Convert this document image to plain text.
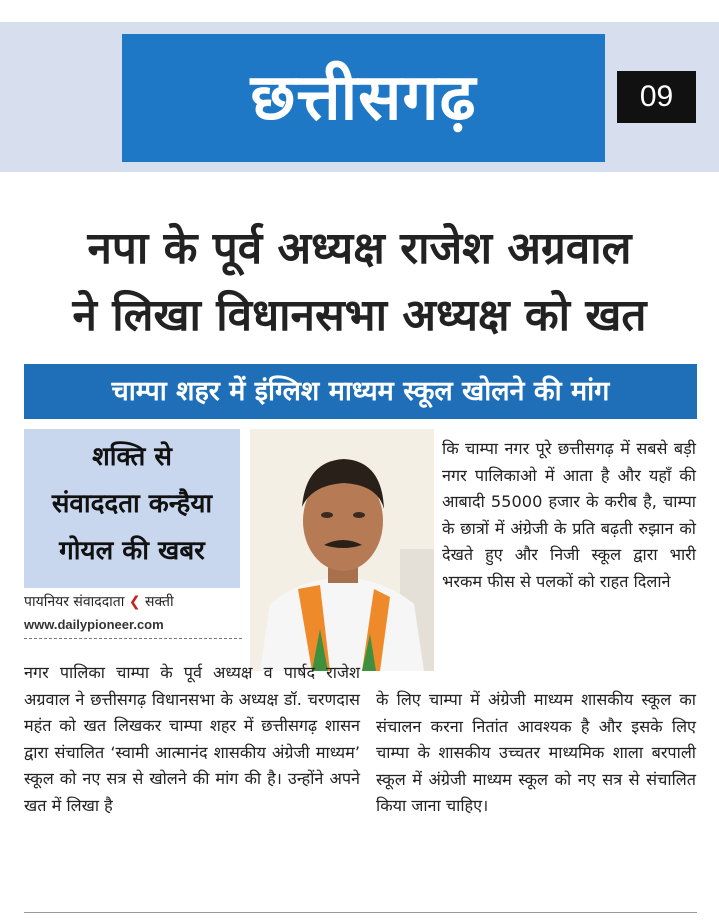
छत्तीसगढ़	09
नपा के पूर्व अध्यक्ष राजेश अग्रवाल
ने लिखा विधानसभा अध्यक्ष को खत
चाम्पा शहर में इंग्लिश माध्यम स्कूल खोलने की मांग
शक्ति से
संवाददता कन्हैया
गोयल की खबर
पायनियर संवाददाता ❮ सक्ती
www.dailypioneer.com

कि चाम्पा नगर पूरे छत्तीसगढ़ में सबसे बड़ी नगर पालिकाओ में आता है और यहाँ की आबादी 55000 हजार के करीब है, चाम्पा के छात्रों में अंग्रेजी के प्रति बढ़ती रुझान को देखते हुए और निजी स्कूल द्वारा भारी भरकम फीस से पलकों को राहत दिलाने

नगर पालिका चाम्पा के पूर्व अध्यक्ष व पार्षद राजेश अग्रवाल ने छत्तीसगढ़ विधानसभा के अध्यक्ष डॉ. चरणदास महंत को खत लिखकर चाम्पा शहर में छत्तीसगढ़ शासन द्वारा संचालित ‘स्वामी आत्मानंद शासकीय अंग्रेजी माध्यम’ स्कूल को नए सत्र से खोलने की मांग की है। उन्होंने अपने खत में लिखा है

के लिए चाम्पा में अंग्रेजी माध्यम शासकीय स्कूल का संचालन करना नितांत आवश्यक है और इसके लिए चाम्पा के शासकीय उच्चतर माध्यमिक शाला बरपाली स्कूल में अंग्रेजी माध्यम स्कूल को नए सत्र से संचालित किया जाना चाहिए।
